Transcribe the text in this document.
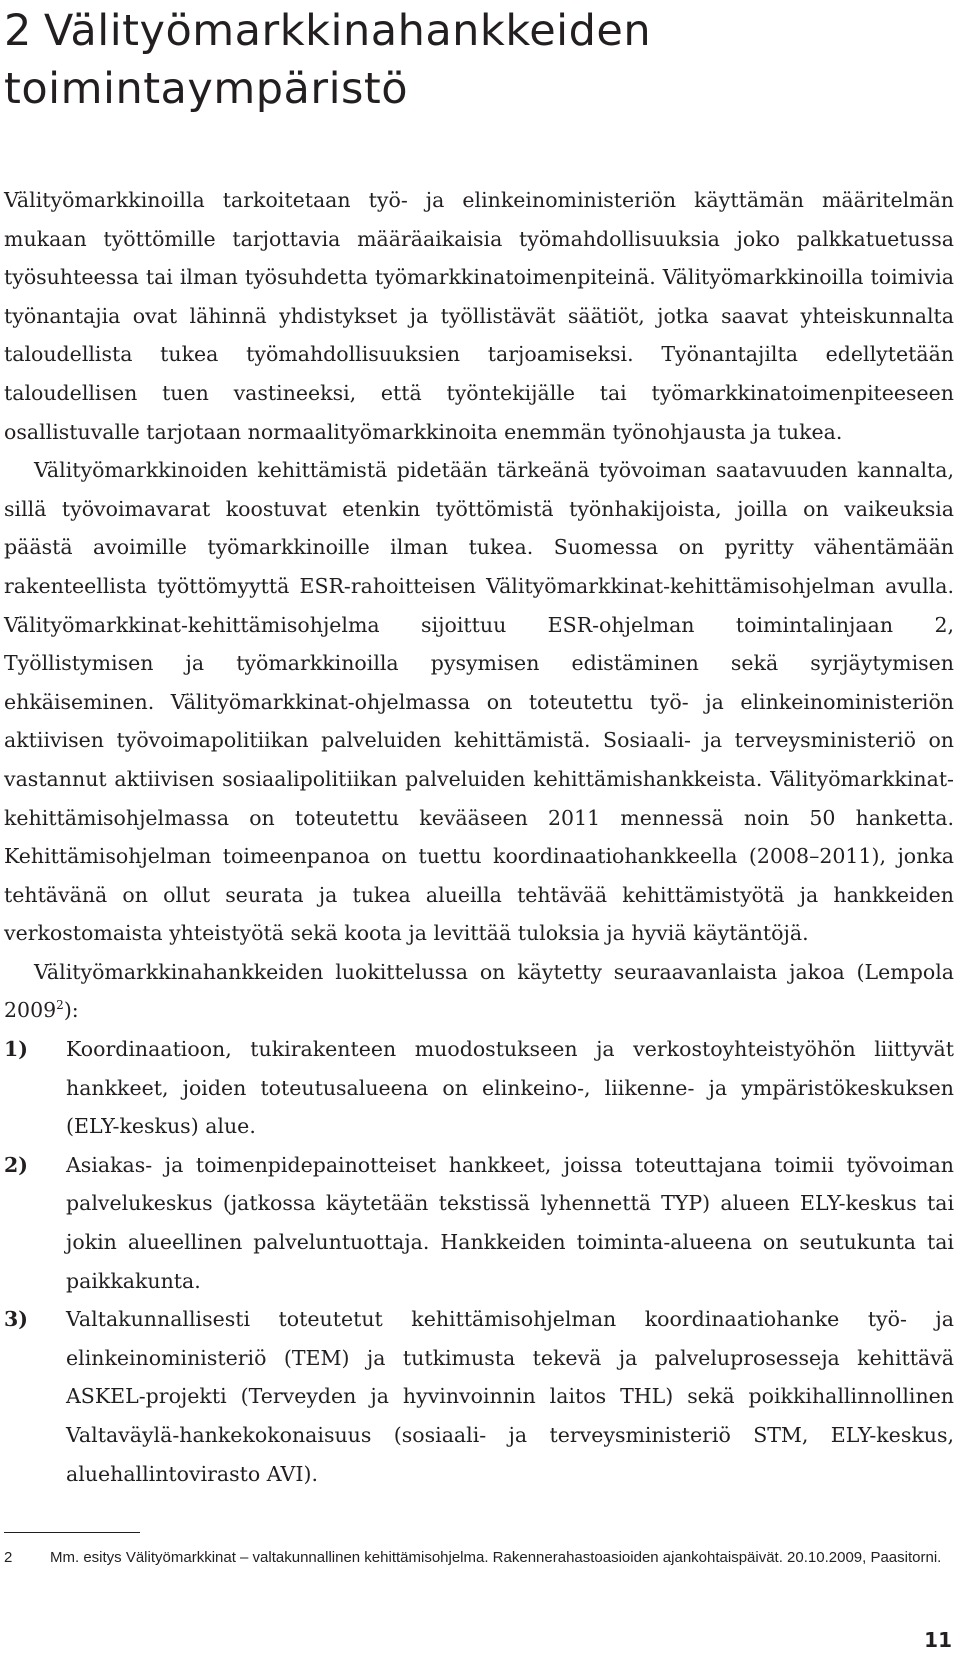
2 Välityömarkkinahankkeiden toimintaympäristö

Välityömarkkinoilla tarkoitetaan työ- ja elinkeinoministeriön käyttämän määritelmän mukaan työttömille tarjottavia määräaikaisia työmahdollisuuksia joko palkkatuetussa työsuhteessa tai ilman työsuhdetta työmarkkinatoimenpiteinä. Välityömarkkinoilla toimivia työnantajia ovat lähinnä yhdistykset ja työllistävät säätiöt, jotka saavat yhteiskunnalta taloudellista tukea työmahdollisuuksien tarjoamiseksi. Työnantajilta edellytetään taloudellisen tuen vastineeksi, että työntekijälle tai työmarkkinatoimenpiteeseen osallistuvalle tarjotaan normaalityömarkkinoita enemmän työnohjausta ja tukea.

Välityömarkkinoiden kehittämistä pidetään tärkeänä työvoiman saatavuuden kannalta, sillä työvoimavarat koostuvat etenkin työttömistä työnhakijoista, joilla on vaikeuksia päästä avoimille työmarkkinoille ilman tukea. Suomessa on pyritty vähentämään rakenteellista työttömyyttä ESR-rahoitteisen Välityömarkkinat-kehittämisohjelman avulla. Välityömarkkinat-kehittämisohjelma sijoittuu ESR-ohjelman toimintalinjaan 2, Työllistymisen ja työmarkkinoilla pysymisen edistäminen sekä syrjäytymisen ehkäiseminen. Välityömarkkinat-ohjelmassa on toteutettu työ- ja elinkeinoministeriön aktiivisen työvoimapolitiikan palveluiden kehittämistä. Sosiaali- ja terveysministeriö on vastannut aktiivisen sosiaalipolitiikan palveluiden kehittämishankkeista. Välityömarkkinat-kehittämisohjelmassa on toteutettu kevääseen 2011 mennessä noin 50 hanketta. Kehittämisohjelman toimeenpanoa on tuettu koordinaatiohankkeella (2008–2011), jonka tehtävänä on ollut seurata ja tukea alueilla tehtävää kehittämistyötä ja hankkeiden verkostomaista yhteistyötä sekä koota ja levittää tuloksia ja hyviä käytäntöjä.

Välityömarkkinahankkeiden luokittelussa on käytetty seuraavanlaista jakoa (Lempola 2009$^2$):

1) Koordinaatioon, tukirakenteen muodostukseen ja verkostoyhteistyöhön liittyvät hankkeet, joiden toteutusalueena on elinkeino-, liikenne- ja ympäristökeskuksen (ELY-keskus) alue.
2) Asiakas- ja toimenpidepainotteiset hankkeet, joissa toteuttajana toimii työvoiman palvelukeskus (jatkossa käytetään tekstissä lyhennettä TYP) alueen ELY-keskus tai jokin alueellinen palveluntuottaja. Hankkeiden toiminta-alueena on seutukunta tai paikkakunta.
3) Valtakunnallisesti toteutetut kehittämisohjelman koordinaatiohanke työ- ja elinkeinoministeriö (TEM) ja tutkimusta tekevä ja palveluprosesseja kehittävä ASKEL-projekti (Terveyden ja hyvinvoinnin laitos THL) sekä poikkihallinnollinen Valtaväylä-hankekokonaisuus (sosiaali- ja terveysministeriö STM, ELY-keskus, aluehallintovirasto AVI).
2	Mm. esitys Välityömarkkinat – valtakunnallinen kehittämisohjelma. Rakennerahastoasioiden ajankohtaispäivät. 20.10.2009, Paasitorni.
11
